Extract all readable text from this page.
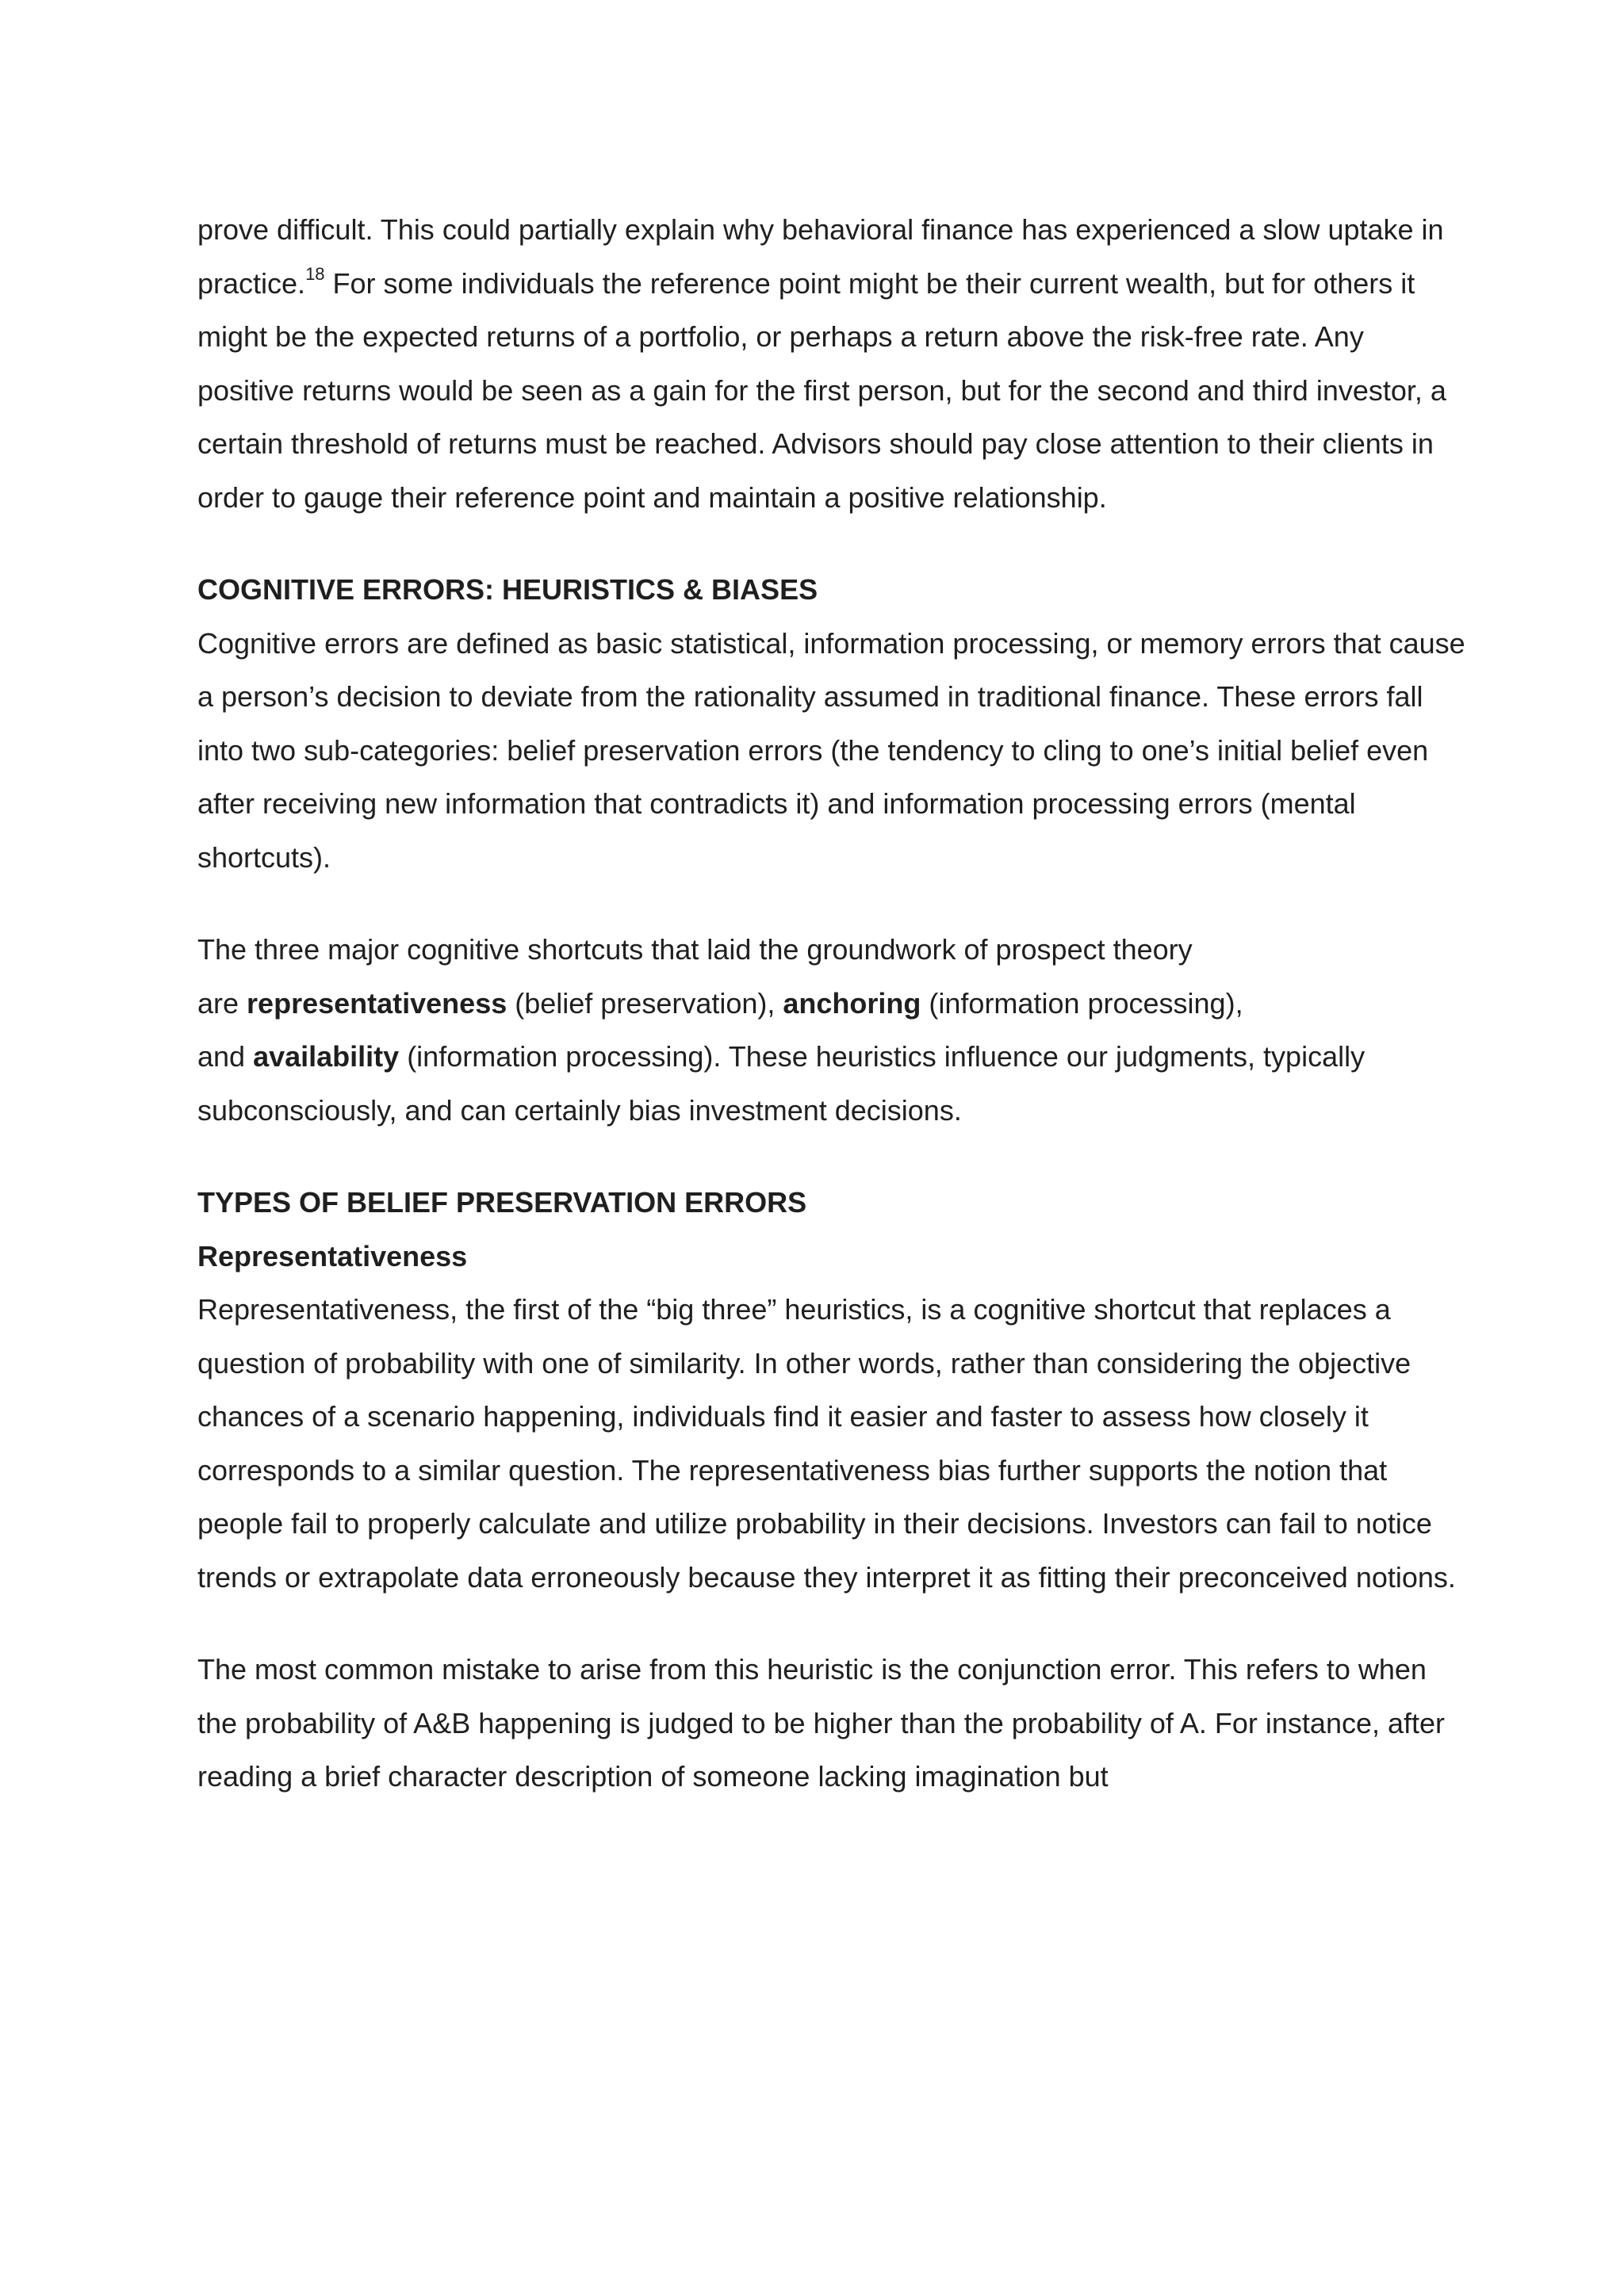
prove difficult. This could partially explain why behavioral finance has experienced a slow uptake in practice.$^{18}$ For some individuals the reference point might be their current wealth, but for others it might be the expected returns of a portfolio, or perhaps a return above the risk-free rate. Any positive returns would be seen as a gain for the first person, but for the second and third investor, a certain threshold of returns must be reached. Advisors should pay close attention to their clients in order to gauge their reference point and maintain a positive relationship.

COGNITIVE ERRORS: HEURISTICS & BIASES

Cognitive errors are defined as basic statistical, information processing, or memory errors that cause a person’s decision to deviate from the rationality assumed in traditional finance. These errors fall into two sub-categories: belief preservation errors (the tendency to cling to one’s initial belief even after receiving new information that contradicts it) and information processing errors (mental shortcuts).

The three major cognitive shortcuts that laid the groundwork of prospect theory
are representativeness (belief preservation), anchoring (information processing),
and availability (information processing). These heuristics influence our judgments, typically subconsciously, and can certainly bias investment decisions.

TYPES OF BELIEF PRESERVATION ERRORS

Representativeness

Representativeness, the first of the “big three” heuristics, is a cognitive shortcut that replaces a question of probability with one of similarity. In other words, rather than considering the objective chances of a scenario happening, individuals find it easier and faster to assess how closely it corresponds to a similar question. The representativeness bias further supports the notion that people fail to properly calculate and utilize probability in their decisions. Investors can fail to notice trends or extrapolate data erroneously because they interpret it as fitting their preconceived notions.

The most common mistake to arise from this heuristic is the conjunction error. This refers to when the probability of A&B happening is judged to be higher than the probability of A. For instance, after reading a brief character description of someone lacking imagination but
